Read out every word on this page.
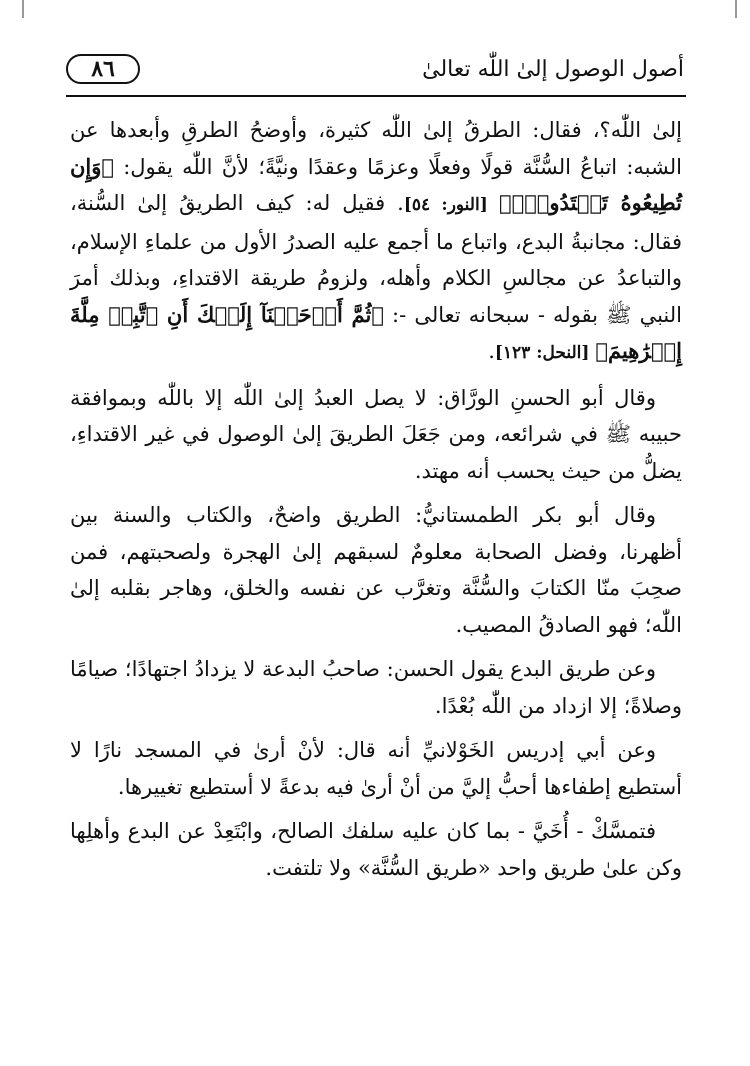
أصول الوصول إلىٰ اللّٰه تعالىٰ
٨٦

إلىٰ اللّٰه؟، فقال: الطرقُ إلىٰ اللّٰه كثيرة، وأوضحُ الطرقِ وأبعدها عن الشبه: اتباعُ السُّنَّة قولًا وفعلًا وعزمًا وعقدًا ونيَّةً؛ لأنَّ اللّٰه يقول: ﴿وَإِن تُطِيعُوهُ تَهۡتَدُواْۚ﴾ [النور: ٥٤]. فقيل له: كيف الطريقُ إلىٰ السُّنة، فقال: مجانبةُ البدع، واتباع ما أجمع عليه الصدرُ الأول من علماءِ الإسلام، والتباعدُ عن مجالسِ الكلام وأهله، ولزومُ طريقة الاقتداءِ، وبذلك أمرَ النبي ﷺ بقوله - سبحانه تعالى -: ﴿ثُمَّ أَوۡحَيۡنَآ إِلَيۡكَ أَنِ ٱتَّبِعۡ مِلَّةَ إِبۡرَٰهِيمَ﴾ [النحل: ١٢٣].

وقال أبو الحسنِ الورَّاق: لا يصل العبدُ إلىٰ اللّٰه إلا باللّٰه وبموافقة حبيبه ﷺ في شرائعه، ومن جَعَلَ الطريقَ إلىٰ الوصول في غير الاقتداءِ، يضلُّ من حيث يحسب أنه مهتد.

وقال أبو بكر الطمستانيُّ: الطريق واضحٌ، والكتاب والسنة بين أظهرنا، وفضل الصحابة معلومٌ لسبقهم إلىٰ الهجرة ولصحبتهم، فمن صحِبَ منّا الكتابَ والسُّنَّة وتغرَّب عن نفسه والخلق، وهاجر بقلبه إلىٰ اللّٰه؛ فهو الصادقُ المصيب.

وعن طريق البدع يقول الحسن: صاحبُ البدعة لا يزدادُ اجتهادًا؛ صيامًا وصلاةً؛ إلا ازداد من اللّٰه بُعْدًا.

وعن أبي إدريس الخَوْلانيِّ أنه قال: لأنْ أرىٰ في المسجد نارًا لا أستطيع إطفاءها أحبُّ إليَّ من أنْ أرىٰ فيه بدعةً لا أستطيع تغييرها.

فتمسَّكْ - أُخَيَّ - بما كان عليه سلفك الصالح، وابْتَعِدْ عن البدع وأهلِها وكن علىٰ طريق واحد «طريق السُّنَّة» ولا تلتفت.
